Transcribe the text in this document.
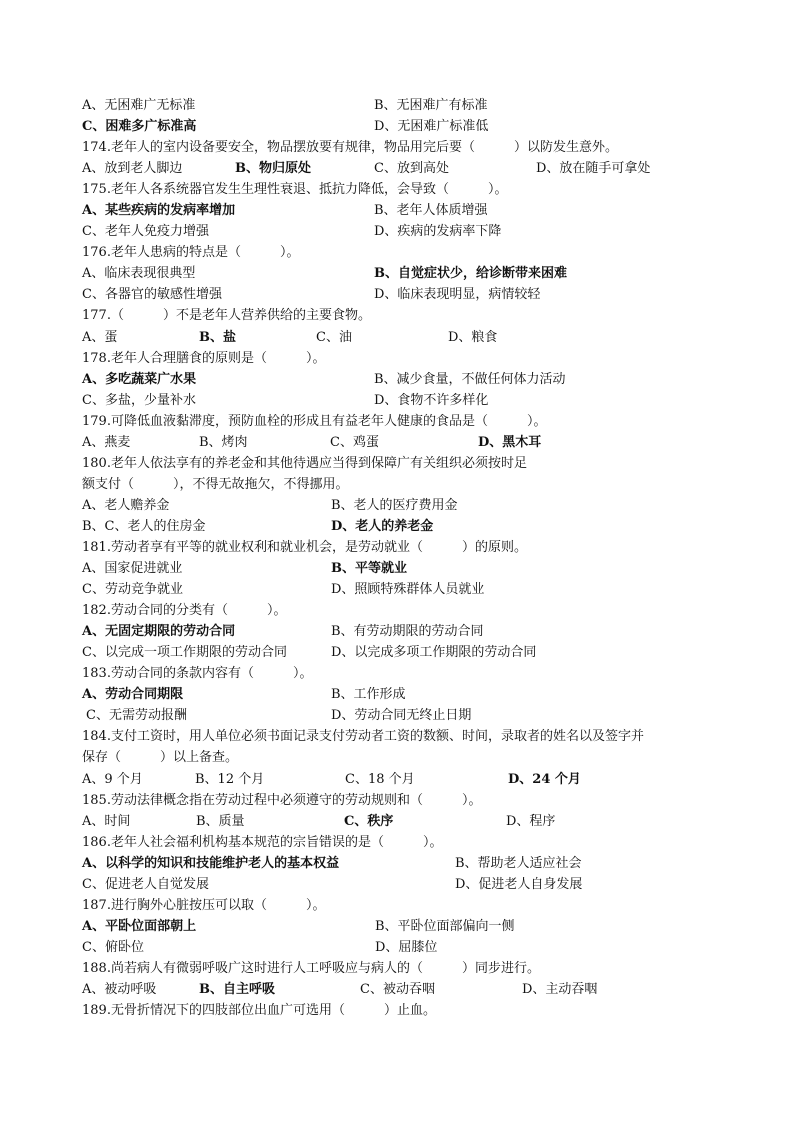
A、无困难广无标准	B、无困难广有标准
C、困难多广标准高	D、无困难广标准低
174.老年人的室内设备要安全，物品摆放要有规律，物品用完后要（　　　）以防发生意外。
A、放到老人脚边	B、物归原处	C、放到高处	D、放在随手可拿处
175.老年人各系统器官发生生理性衰退、抵抗力降低，会导致（　　　）。
A、某些疾病的发病率增加	B、老年人体质增强
C、老年人免疫力增强	D、疾病的发病率下降
176.老年人患病的特点是（　　　）。
A、临床表现很典型	B、自觉症状少，给诊断带来困难
C、各器官的敏感性增强	D、临床表现明显，病情较轻
177.（　　　）不是老年人营养供给的主要食物。
A、蛋	B、盐	C、油	D、粮食
178.老年人合理膳食的原则是（　　　）。
A、多吃蔬菜广水果	B、减少食量，不做任何体力活动
C、多盐，少量补水	D、食物不许多样化
179.可降低血液黏滞度，预防血栓的形成且有益老年人健康的食品是（　　　）。
A、燕麦	B、烤肉	C、鸡蛋	D、黑木耳
180.老年人依法享有的养老金和其他待遇应当得到保障广有关组织必须按时足
额支付（　　　），不得无故拖欠，不得挪用。
A、老人赡养金	B、老人的医疗费用金
B、C、老人的住房金	D、老人的养老金
181.劳动者享有平等的就业权利和就业机会，是劳动就业（　　　）的原则。
A、国家促进就业	B、平等就业
C、劳动竞争就业	D、照顾特殊群体人员就业
182.劳动合同的分类有（　　　）。
A、无固定期限的劳动合同	B、有劳动期限的劳动合同
C、以完成一项工作期限的劳动合同	D、以完成多项工作期限的劳动合同
183.劳动合同的条款内容有（　　　）。
A、劳动合同期限	B、工作形成
C、无需劳动报酬	D、劳动合同无终止日期
184.支付工资时，用人单位必须书面记录支付劳动者工资的数额、时间，录取者的姓名以及签字并
保存（　　　）以上备查。
A、9 个月	B、12 个月	C、18 个月	D、24 个月
185.劳动法律概念指在劳动过程中必须遵守的劳动规则和（　　　）。
A、时间	B、质量	C、秩序	D、程序
186.老年人社会福利机构基本规范的宗旨错误的是（　　　）。
A、以科学的知识和技能维护老人的基本权益	B、帮助老人适应社会
C、促进老人自觉发展	D、促进老人自身发展
187.进行胸外心脏按压可以取（　　　）。
A、平卧位面部朝上	B、平卧位面部偏向一侧
C、俯卧位	D、屈膝位
188.尚若病人有微弱呼吸广这时进行人工呼吸应与病人的（　　　）同步进行。
A、被动呼吸	B、自主呼吸	C、被动吞咽	D、主动吞咽
189.无骨折情况下的四肢部位出血广可选用（　　　）止血。
